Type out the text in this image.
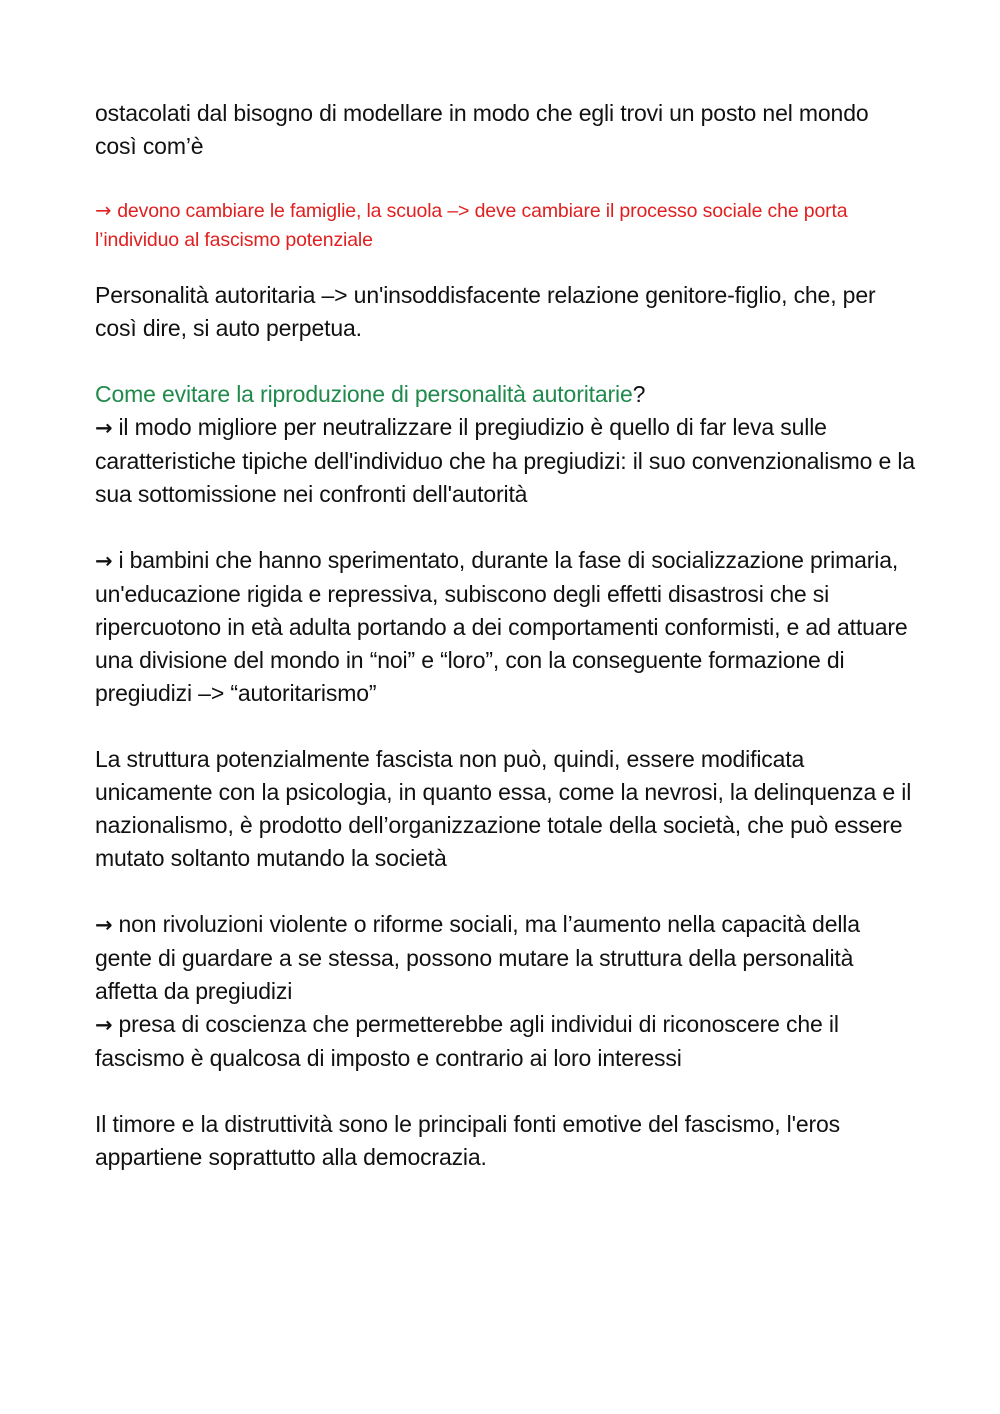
ostacolati dal bisogno di modellare in modo che egli trovi un posto nel mondo così com’è

→ devono cambiare le famiglie, la scuola –> deve cambiare il processo sociale che porta l’individuo al fascismo potenziale

Personalità autoritaria –> un'insoddisfacente relazione genitore-figlio, che, per così dire, si auto perpetua.

Come evitare la riproduzione di personalità autoritarie?
→ il modo migliore per neutralizzare il pregiudizio è quello di far leva sulle caratteristiche tipiche dell'individuo che ha pregiudizi: il suo convenzionalismo e la sua sottomissione nei confronti dell'autorità

→ i bambini che hanno sperimentato, durante la fase di socializzazione primaria, un'educazione rigida e repressiva, subiscono degli effetti disastrosi che si ripercuotono in età adulta portando a dei comportamenti conformisti, e ad attuare una divisione del mondo in “noi” e “loro”, con la conseguente formazione di pregiudizi –> “autoritarismo”

La struttura potenzialmente fascista non può, quindi, essere modificata unicamente con la psicologia, in quanto essa, come la nevrosi, la delinquenza e il nazionalismo, è prodotto dell’organizzazione totale della società, che può essere mutato soltanto mutando la società

→ non rivoluzioni violente o riforme sociali, ma l’aumento nella capacità della gente di guardare a se stessa, possono mutare la struttura della personalità affetta da pregiudizi
→ presa di coscienza che permetterebbe agli individui di riconoscere che il fascismo è qualcosa di imposto e contrario ai loro interessi

Il timore e la distruttività sono le principali fonti emotive del fascismo, l'eros appartiene soprattutto alla democrazia.
